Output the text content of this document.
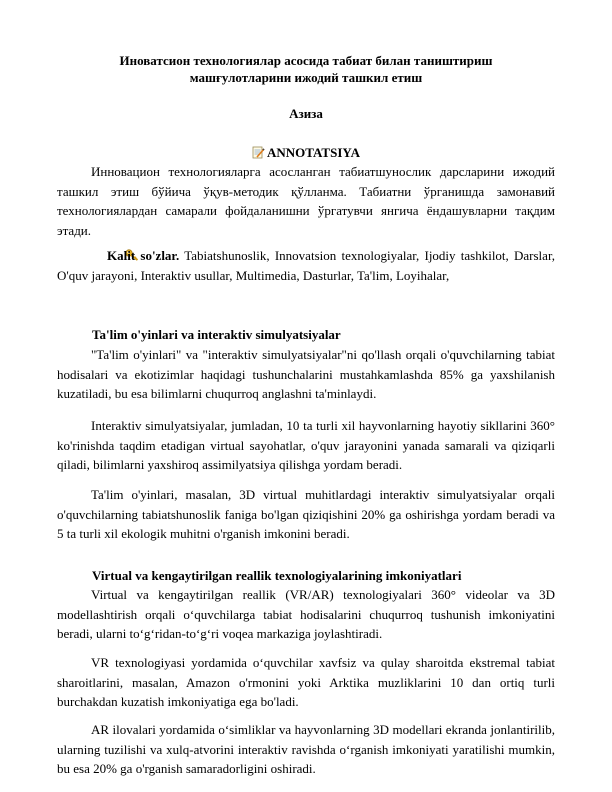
Иноватсион технологиялар асосида табиат билан таништириш машғулотларини ижодий ташкил етиш
Азиза
ANNOTATSIYA

Инновацион технологияларга асосланган табиатшунослик дарсларини ижодий ташкил этиш бўйича ўқув-методик қўлланма. Табиатни ўрганишда замонавий технологиялардан самарали фойдаланишни ўргатувчи янгича ёндашувларни тақдим этади.

Kalit so'zlar. Tabiatshunoslik, Innovatsion texnologiyalar, Ijodiy tashkilot, Darslar, O'quv jarayoni, Interaktiv usullar, Multimedia, Dasturlar, Ta'lim, Loyihalar,

Ta'lim o'yinlari va interaktiv simulyatsiyalar

"Ta'lim o'yinlari" va "interaktiv simulyatsiyalar"ni qo'llash orqali o'quvchilarning tabiat hodisalari va ekotizimlar haqidagi tushunchalarini mustahkamlashda 85% ga yaxshilanish kuzatiladi, bu esa bilimlarni chuqurroq anglashni ta'minlaydi.

Interaktiv simulyatsiyalar, jumladan, 10 ta turli xil hayvonlarning hayotiy sikllarini 360° ko'rinishda taqdim etadigan virtual sayohatlar, o'quv jarayonini yanada samarali va qiziqarli qiladi, bilimlarni yaxshiroq assimilyatsiya qilishga yordam beradi.

Ta'lim o'yinlari, masalan, 3D virtual muhitlardagi interaktiv simulyatsiyalar orqali o'quvchilarning tabiatshunoslik faniga bo'lgan qiziqishini 20% ga oshirishga yordam beradi va 5 ta turli xil ekologik muhitni o'rganish imkonini beradi.

Virtual va kengaytirilgan reallik texnologiyalarining imkoniyatlari

Virtual va kengaytirilgan reallik (VR/AR) texnologiyalari 360° videolar va 3D modellashtirish orqali o‘quvchilarga tabiat hodisalarini chuqurroq tushunish imkoniyatini beradi, ularni to‘g‘ridan-to‘g‘ri voqea markaziga joylashtiradi.

VR texnologiyasi yordamida o‘quvchilar xavfsiz va qulay sharoitda ekstremal tabiat sharoitlarini, masalan, Amazon o'rmonini yoki Arktika muzliklarini 10 dan ortiq turli burchakdan kuzatish imkoniyatiga ega bo'ladi.

AR ilovalari yordamida o‘simliklar va hayvonlarning 3D modellari ekranda jonlantirilib, ularning tuzilishi va xulq-atvorini interaktiv ravishda o‘rganish imkoniyati yaratilishi mumkin, bu esa 20% ga o'rganish samaradorligini oshiradi.
